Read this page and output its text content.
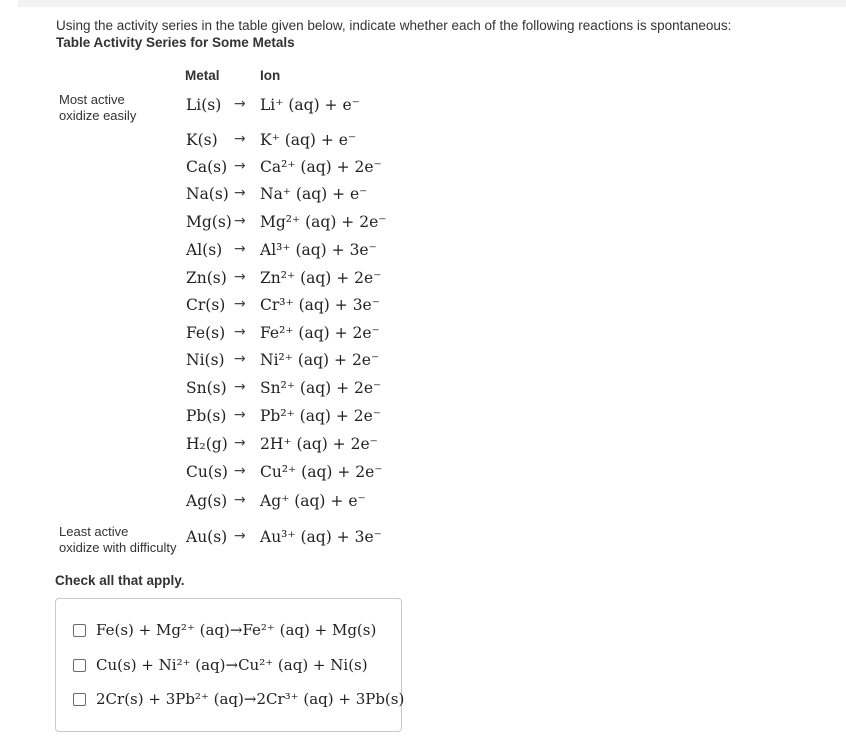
Using the activity series in the table given below, indicate whether each of the following reactions is spontaneous:
Table Activity Series for Some Metals
Metal	Ion
Most active
oxidize easily
Least active
oxidize with difficulty
Li(s) → Li⁺ (aq) + e⁻
K(s) → K⁺ (aq) + e⁻
Ca(s) → Ca²⁺ (aq) + 2e⁻
Na(s) → Na⁺ (aq) + e⁻
Mg(s) → Mg²⁺ (aq) + 2e⁻
Al(s) → Al³⁺ (aq) + 3e⁻
Zn(s) → Zn²⁺ (aq) + 2e⁻
Cr(s) → Cr³⁺ (aq) + 3e⁻
Fe(s) → Fe²⁺ (aq) + 2e⁻
Ni(s) → Ni²⁺ (aq) + 2e⁻
Sn(s) → Sn²⁺ (aq) + 2e⁻
Pb(s) → Pb²⁺ (aq) + 2e⁻
H₂(g) → 2H⁺ (aq) + 2e⁻
Cu(s) → Cu²⁺ (aq) + 2e⁻
Ag(s) → Ag⁺ (aq) + e⁻
Au(s) → Au³⁺ (aq) + 3e⁻
Check all that apply.
Fe(s) + Mg²⁺ (aq)→Fe²⁺ (aq) + Mg(s)
Cu(s) + Ni²⁺ (aq)→Cu²⁺ (aq) + Ni(s)
2Cr(s) + 3Pb²⁺ (aq)→2Cr³⁺ (aq) + 3Pb(s)
